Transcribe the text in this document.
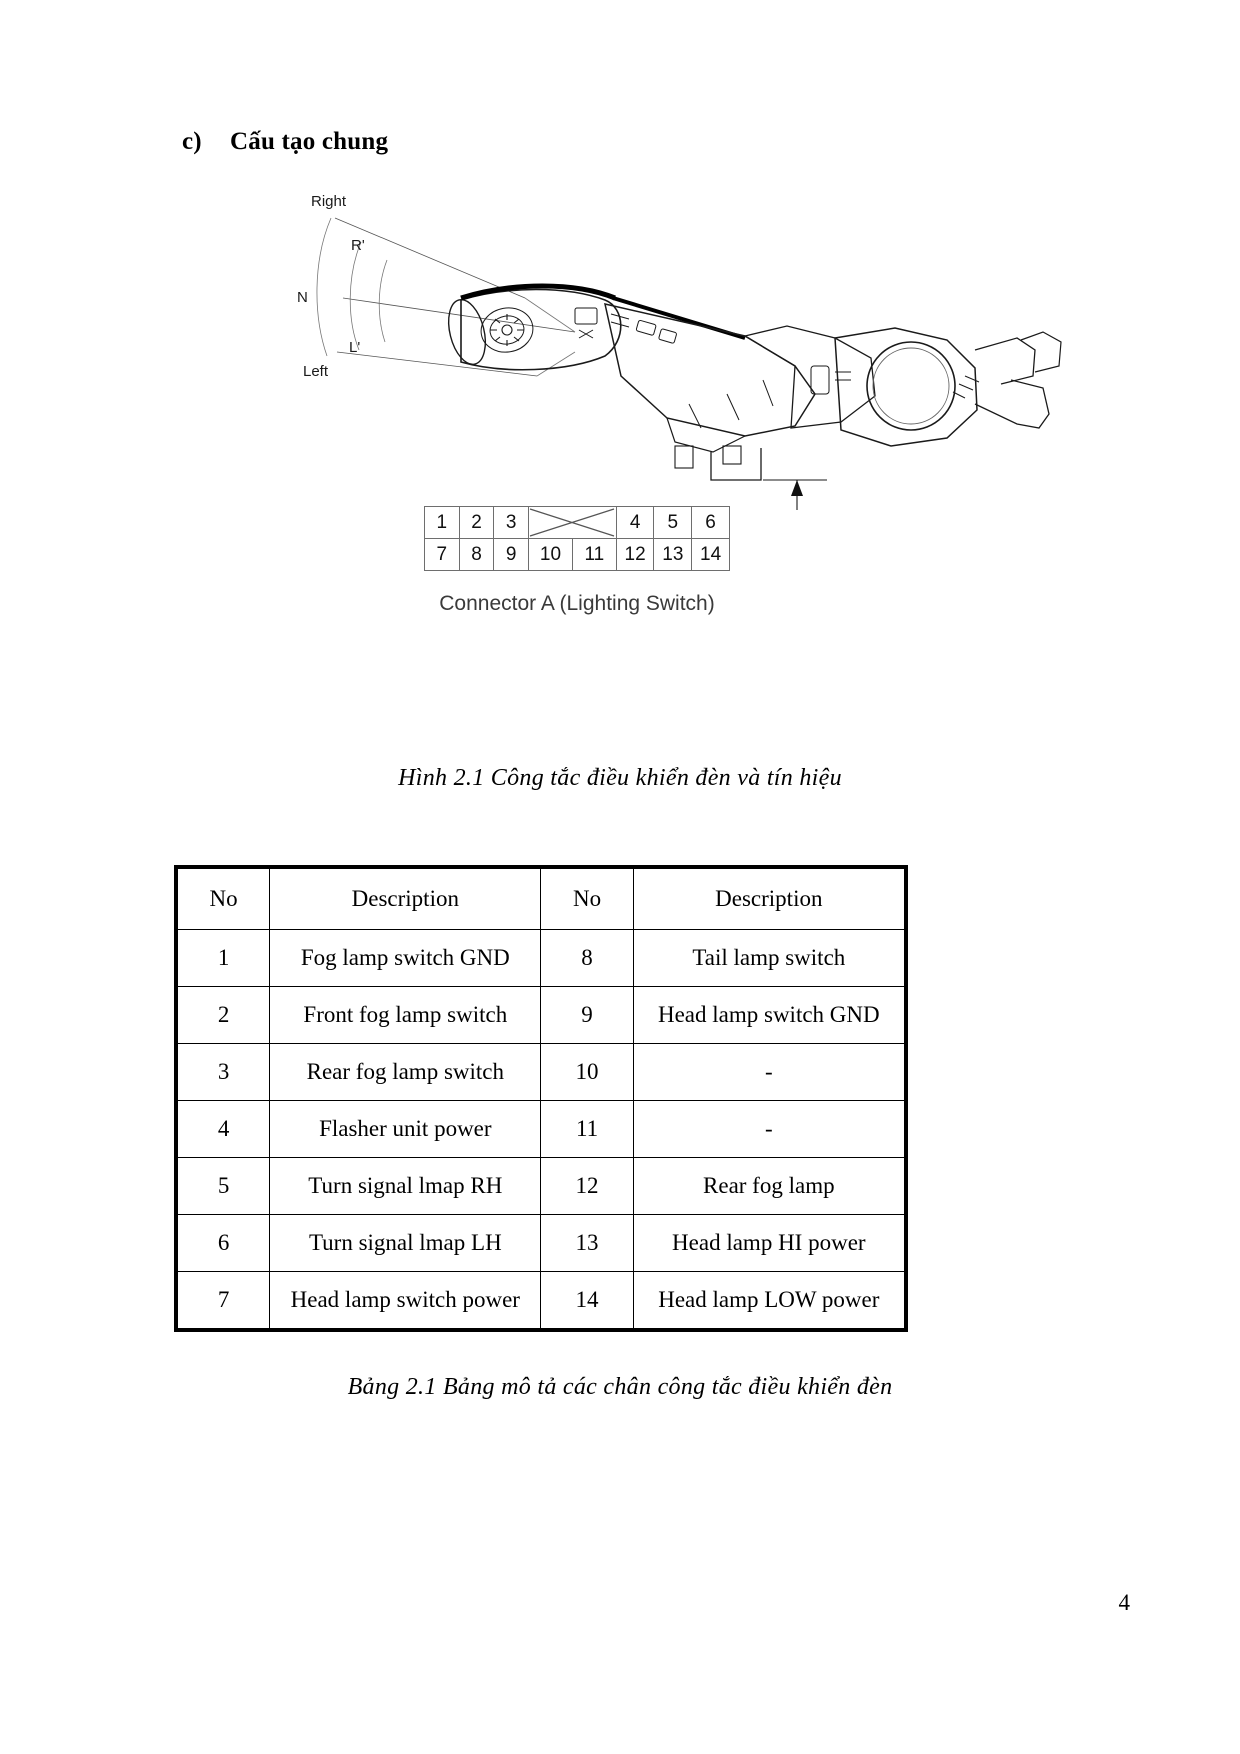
c) Cấu tạo chung
Right
R'
N
L'
Left
1	2	3			4	5	6
7	8	9	10	11	12	13	14
Connector A (Lighting Switch)
Hình 2.1 Công tắc điều khiển đèn và tín hiệu
No	Description	No	Description
1	Fog lamp switch GND	8	Tail lamp switch
2	Front fog lamp switch	9	Head lamp switch GND
3	Rear fog lamp switch	10	-
4	Flasher unit power	11	-
5	Turn signal lmap RH	12	Rear fog lamp
6	Turn signal lmap LH	13	Head lamp HI power
7	Head lamp switch power	14	Head lamp LOW power
Bảng 2.1 Bảng mô tả các chân công tắc điều khiển đèn
4
